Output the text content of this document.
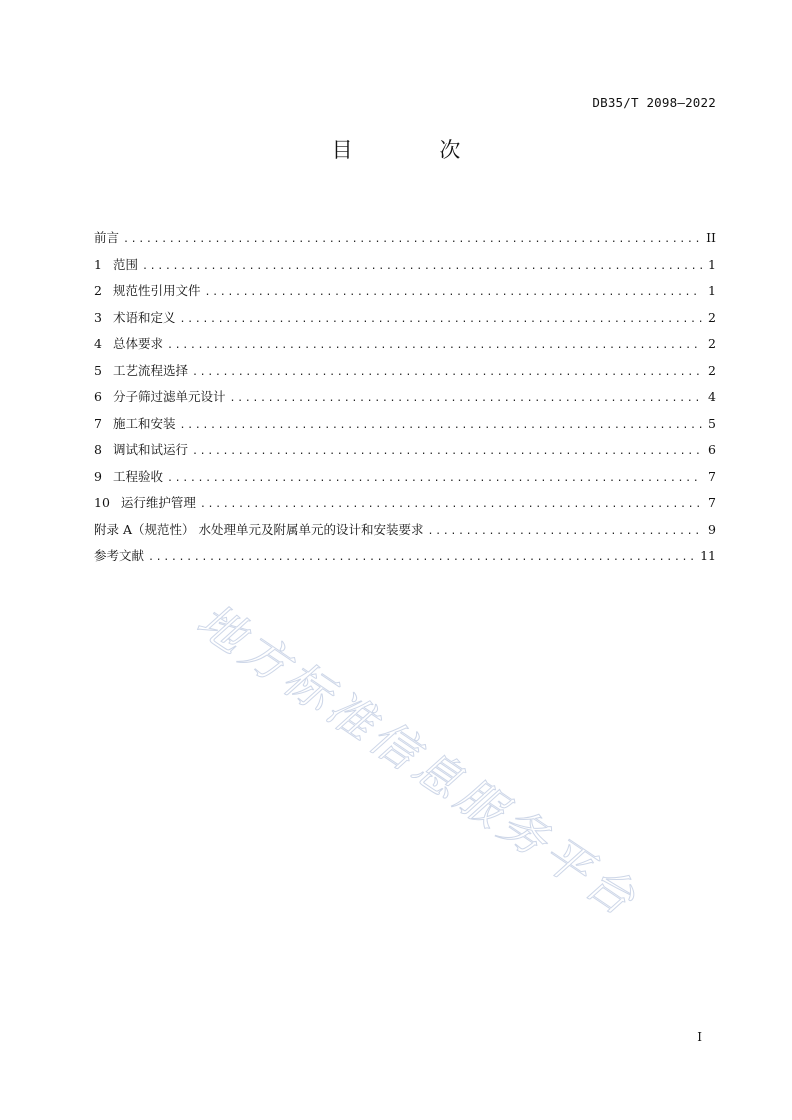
DB35/T 2098—2022
目 次
前言 .....	II
1 范围 .....	1
2 规范性引用文件 .....	1
3 术语和定义 .....	2
4 总体要求 .....	2
5 工艺流程选择 .....	2
6 分子筛过滤单元设计 .....	4
7 施工和安装 .....	5
8 调试和试运行 .....	6
9 工程验收 .....	7
10 运行维护管理 .....	7
附录 A（规范性） 水处理单元及附属单元的设计和安装要求 .....	9
参考文献 .....	11
地方标准信息服务平台
I
